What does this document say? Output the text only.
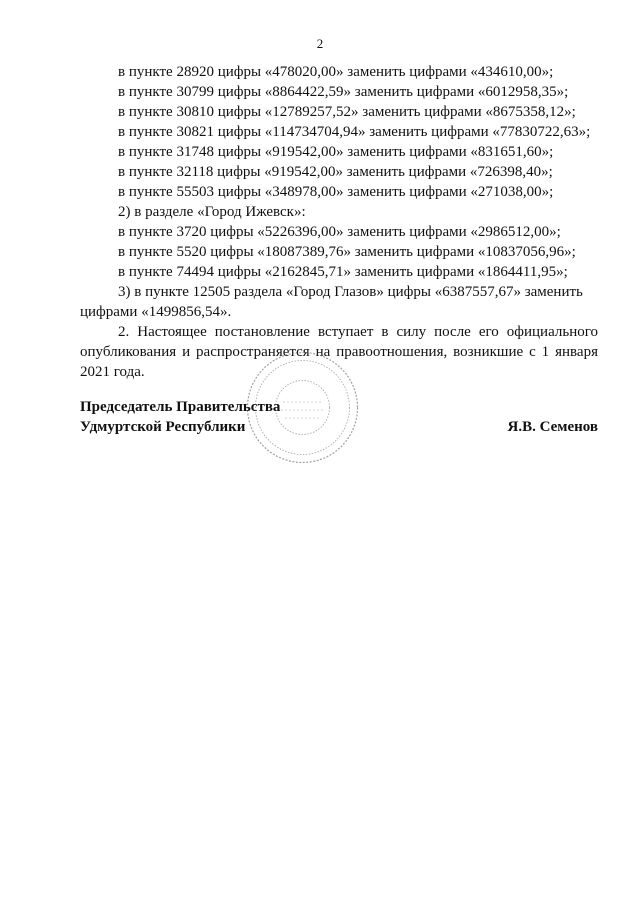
2
в пункте 28920 цифры «478020,00» заменить цифрами «434610,00»;
в пункте 30799 цифры «8864422,59» заменить цифрами «6012958,35»;
в пункте 30810 цифры «12789257,52» заменить цифрами «8675358,12»;
в пункте 30821 цифры «114734704,94» заменить цифрами «77830722,63»;
в пункте 31748 цифры «919542,00» заменить цифрами «831651,60»;
в пункте 32118 цифры «919542,00» заменить цифрами «726398,40»;
в пункте 55503 цифры «348978,00» заменить цифрами «271038,00»;
2) в разделе «Город Ижевск»:
в пункте 3720 цифры «5226396,00» заменить цифрами «2986512,00»;
в пункте 5520 цифры «18087389,76» заменить цифрами «10837056,96»;
в пункте 74494 цифры «2162845,71» заменить цифрами «1864411,95»;
3) в пункте 12505 раздела «Город Глазов» цифры «6387557,67» заменить
цифрами «1499856,54».
2. Настоящее постановление вступает в силу после его официального опубликования и распространяется на правоотношения, возникшие с 1 января 2021 года.
Председатель Правительства
Удмуртской Республики	Я.В. Семенов
